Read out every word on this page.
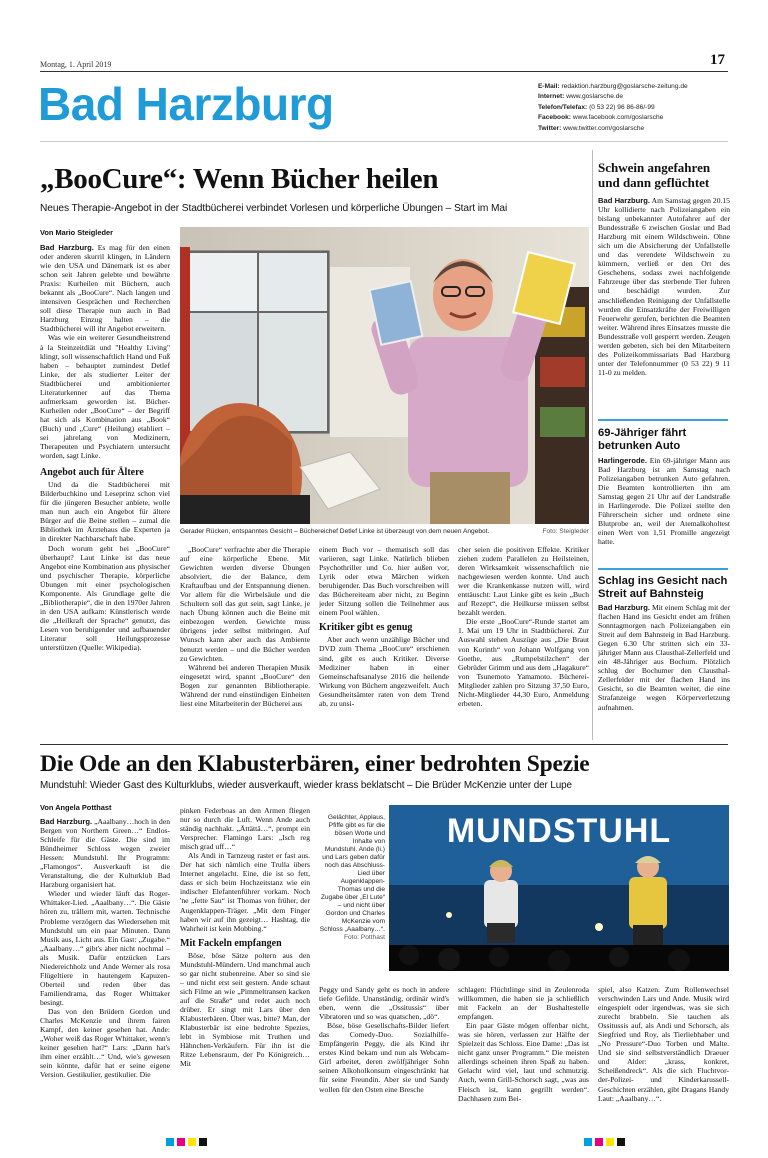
Montag, 1. April 2019	17
Bad Harzburg	E-Mail: redaktion.harzburg@goslarsche-zeitung.de
Internet: www.goslarsche.de
Telefon/Telefax: (0 53 22) 96 86-86/-99
Facebook: www.facebook.com/goslarsche
Twitter: www.twitter.com/goslarsche
„BooCure“: Wenn Bücher heilen
Neues Therapie-Angebot in der Stadtbücherei verbindet Vorlesen und körperliche Übungen – Start im Mai
Von Mario Steigleder
Gerader Rücken, entspanntes Gesicht – Büchereichef Detlef Linke ist überzeugt von dem neuen Angebot.	Foto: Steigleder

Bad Harzburg. Es mag für den einen oder anderen skurril klingen, in Ländern wie den USA und Dänemark ist es aber schon seit Jahren gelebte und bewährte Praxis: Kurheilen mit Büchern, auch bekannt als „BooCure“. Nach langen und intensiven Gesprächen und Recherchen soll diese Therapie nun auch in Bad Harzburg Einzug halten – die Stadtbücherei will ihr Angebot erweitern.

Was wie ein weiterer Gesundheitstrend à la Steinzeitdiät und "Healthy Living" klingt, soll wissenschaftlich Hand und Fuß haben – behauptet zumindest Detlef Linke, der als studierter Leiter der Stadtbücherei und ambitionierter Literaturkenner auf das Thema aufmerksam geworden ist. Bücher-Kurheilen oder „BooCure“ – der Begriff hat sich als Kombination aus „Book“ (Buch) und „Cure“ (Heilung) etabliert – sei jahrelang von Medizinern, Therapeuten und Psychiatern untersucht worden, sagt Linke.

Angebot auch für Ältere

Und da die Stadtbücherei mit Bilderbuchkino und Leseprinz schon viel für die jüngeren Besucher anbiete, wolle man nun auch ein Angebot für ältere Bürger auf die Beine stellen – zumal die Bibliothek im Ärztehaus die Experten ja in direkter Nachbarschaft habe.

Doch worum geht bei „BooCure“ überhaupt? Laut Linke ist das neue Angebot eine Kombination aus physischer und psychischer Therapie, körperliche Übungen mit einer psychologischen Komponente. Als Grundlage gelte die „Bibliotherapie“, die in den 1970er Jahren in den USA aufkam: Künstlerisch werde die „Heilkraft der Sprache“ genutzt, das Lesen von beruhigender und aufbauender Literatur soll Heilungsprozesse unterstützen (Quelle: Wikipedia).

„BooCure“ verfrachte aber die Therapie auf eine körperliche Ebene. Mit Gewichten werden diverse Übungen absolviert, die der Balance, dem Kraftaufbau und der Entspannung dienen. Vor allem für die Wirbelsäule und die Schultern soll das gut sein, sagt Linke, je nach Übung können auch die Beine mit einbezogen werden. Gewichte muss übrigens jeder selbst mitbringen. Auf Wunsch kann aber auch das Ambiente benutzt werden – und die Bücher werden zu Gewichten.

Während bei anderen Therapien Musik eingesetzt wird, spannt „BooCure“ den Bogen zur genannten Bibliotherapie. Während der rund einstündigen Einheiten liest eine Mitarbeiterin der Bücherei aus

einem Buch vor – thematisch soll das variieren, sagt Linke. Natürlich blieben Psychothriller und Co. hier außen vor, Lyrik oder etwa Märchen wirken beruhigender. Das Buch vorschreiben will das Büchereiteam aber nicht, zu Beginn jeder Sitzung sollen die Teilnehmer aus einem Pool wählen.

Kritiker gibt es genug

Aber auch wenn unzählige Bücher und DVD zum Thema „BooCure“ erschienen sind, gibt es auch Kritiker. Diverse Mediziner haben in einer Gemeinschaftsanalyse 2016 die heilende Wirkung von Büchern angezweifelt. Auch Gesundheitsämter raten von dem Trend ab, zu unsi-

cher seien die positiven Effekte. Kritiker ziehen zudem Parallelen zu Heilsteinen, deren Wirksamkeit wissenschaftlich nie nachgewiesen werden konnte. Und auch wer die Krankenkasse nutzen will, wird enttäuscht: Laut Linke gibt es kein „Buch auf Rezept“, die Heilkurse müssen selbst bezahlt werden.

Die erste „BooCure“-Runde startet am 1. Mai um 19 Uhr in Stadtbücherei. Zur Auswahl stehen Auszüge aus „Die Braut von Korinth“ von Johann Wolfgang von Goethe, aus „Rumpelstilzchen“ der Gebrüder Grimm und aus dem „Hagakure“ von Tsunemoto Yamamoto. Bücherei-Mitglieder zahlen pro Sitzung 37,50 Euro, Nicht-Mitglieder 44,30 Euro, Anmeldung erbeten.

Schwein angefahren und dann geflüchtet

Bad Harzburg. Am Samstag gegen 20.15 Uhr kollidierte nach Polizeiangaben ein bislang unbekannter Autofahrer auf der Bundesstraße 6 zwischen Goslar und Bad Harzburg mit einem Wildschwein. Ohne sich um die Absicherung der Unfallstelle und das verendete Wildschwein zu kümmern, verließ er den Ort des Geschehens, sodass zwei nachfolgende Fahrzeuge über das sterbende Tier fuhren und beschädigt wurden. Zur anschließenden Reinigung der Unfallstelle wurden die Einsatzkräfte der Freiwilligen Feuerwehr gerufen, berichten die Beamten weiter. Während ihres Einsatzes musste die Bundesstraße voll gesperrt werden. Zeugen werden gebeten, sich bei den Mitarbeitern des Polizeikommissariats Bad Harzburg unter der Telefonnummer (0 53 22) 9 11 11-0 zu melden.

69-Jähriger fährt betrunken Auto

Harlingerode. Ein 69-jähriger Mann aus Bad Harzburg ist am Samstag nach Polizeiangaben betrunken Auto gefahren. Die Beamten kontrollierten ihn am Samstag gegen 21 Uhr auf der Landstraße in Harlingerode. Die Polizei stellte den Führerschein sicher und ordnete eine Blutprobe an, weil der Atemalkoholtest einen Wert von 1,51 Promille angezeigt hatte.

Schlag ins Gesicht nach Streit auf Bahnsteig

Bad Harzburg. Mit einem Schlag mit der flachen Hand ins Gesicht endet am frühen Sonntagmorgen nach Polizeiangaben ein Streit auf dem Bahnsteig in Bad Harzburg. Gegen 6.30 Uhr stritten sich ein 33-jähriger Mann aus Clausthal-Zellerfeld und ein 48-Jähriger aus Bochum. Plötzlich schlug der Bochumer den Clausthal-Zellerfelder mit der flachen Hand ins Gesicht, so die Beamten weiter, die eine Strafanzeige wegen Körperverletzung aufnahmen.

Die Ode an den Klabusterbären, einer bedrohten Spezie
Mundstuhl: Wieder Gast des Kulturklubs, wieder ausverkauft, wieder krass beklatscht – Die Brüder McKenzie unter der Lupe
Von Angela Potthast
Gelächter, Applaus, Pfiffe gibt es für die bösen Worte und Inhalte von Mundstuhl. Ande (li.) und Lars geben dafür noch das Abschluss-Lied über Augenklappen-Thomas und die Zugabe über „El Lute“ – und nicht über Gordon und Charles McKenzie vom Schloss „Aaalbany…“.
Foto: Potthast
MUNDSTUHL

Bad Harzburg. „Aaalbany…hoch in den Bergen von Northern Green…“ Endlos-Schleife für die Gäste. Die sind im Bündheimer Schloss wegen zweier Hessen: Mundstuhl. Ihr Programm: „Flamongos“. Ausverkauft ist die Veranstaltung, die der Kulturklub Bad Harzburg organisiert hat.

Wieder und wieder läuft das Roger-Whittaker-Lied. „Aaalbany…“. Die Gäste hören zu, trällern mit, warten. Technische Probleme verzögern das Wiedersehen mit Mundstuhl um ein paar Minuten. Dann Musik aus, Licht aus. Ein Gast: „Zugabe.“ „Aaalbany…“ gibt's aber nicht nochmal – als Musik. Dafür entzücken Lars Niedereichholz und Ande Werner als rosa Flügeltiere in hautengem Kapuzen-Oberteil und reden über das Familiendrama, das Roger Whittaker besingt.

Das von den Brüdern Gordon und Charles McKenzie und ihrem fairen Kampf, den keiner gesehen hat. Ande: „Woher weiß das Roger Whittaker, wenn's keiner gesehen hat?“ Lars: „Dann hat's ihm einer erzählt…“ Und, wie's gewesen sein könnte, dafür hat er seine eigene Version. Gestikulier, gestikulier. Die

pinken Federboas an den Armen fliegen nur so durch die Luft. Wenn Ande auch ständig nachhakt. „Ättättä…“, prompt ein Versprecher. Flamingo Lars: „Isch reg misch grad uff…“

Als Andi in Tarnzeug rastet er fast aus. Der hat sich nämlich eine Trulla übers Internet angelacht. Eine, die ist so fett, dass er sich beim Hochzeitstanz wie ein indischer Elefantenführer vorkam. Noch 'ne „fette Sau“ ist Thomas von früher, der Augenklappen-Träger. „Mit dem Finger haben wir auf ihn gezeigt… Hashtag, die Wahrheit ist kein Mobbing.“

Mit Fackeln empfangen

Böse, böse Sätze poltern aus den Mundstuhl-Mündern. Und manchmal auch so gar nicht stubenreine. Aber so sind sie – und nicht erst seit gestern. Ande schaut sich Filme an wie „Pimmeltransen kacken auf die Straße“ und redet auch noch drüber. Er singt mit Lars über den Klabusterbären. Über was, bitte? Man, der Klabusterbär ist eine bedrohte Spezies, lebt in Symbiose mit Truthen und Hähnchen-Verkäufern. Für ihn ist die Ritze Lebensraum, der Po Königreich… Mit

Peggy und Sandy geht es noch in andere tiefe Gefilde. Unanständig, ordinär wird's eben, wenn die „Ossitussis“ über Vibratoren und so was quatschen, „dö“.

Böse, böse Gesellschafts-Bilder liefert das Comedy-Duo. Sozialhilfe-Empfängerin Peggy, die als Kind ihr erstes Kind bekam und nun als Webcam-Girl arbeitet, deren zwölfjähriger Sohn seinen Alkoholkonsum eingeschränkt hat für seine Freundin. Aber sie und Sandy wollen für den Osten eine Bresche

schlagen: Flüchtlinge sind in Zeulenroda willkommen, die haben sie ja schließlich mit Fackeln an der Bushaltestelle empfangen.

Ein paar Gäste mögen offenbar nicht, was sie hören, verlassen zur Hälfte der Spielzeit das Schloss. Eine Dame: „Das ist nicht ganz unser Programm.“ Die meisten allerdings scheinen ihren Spaß zu haben. Gelacht wird viel, laut und schmutzig. Auch, wenn Grill-Schorsch sagt, „was aus Fleisch ist, kann gegrillt werden“. Dachhasen zum Bei-

spiel, also Katzen. Zum Rollenwechsel verschwinden Lars und Ande. Musik wird eingespielt oder irgendwas, was sie sich zurecht brabbeln. Sie tauchen als Ossitussis auf, als Andi und Schorsch, als Siegfried und Roy, als Tierliebhaber und „No Pressure“-Duo Torben und Malte. Und sie sind selbstverständlich Draeuer und Alder: „krass, konkret, Scheißendreck“. Als die sich Fluchtvor-der-Polizei- und Kinderkarussell-Geschichten erzählen, gibt Dragans Handy Laut: „Aaalbany…“.
